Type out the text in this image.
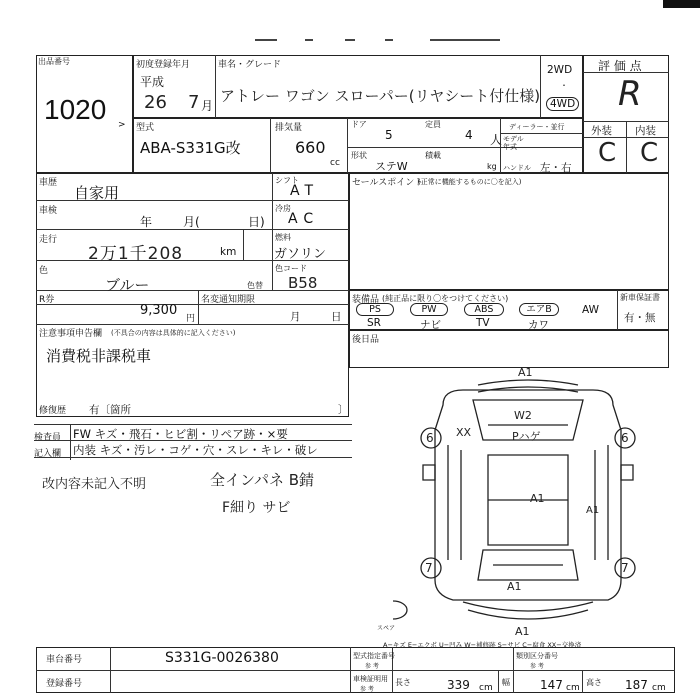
出品番号
1020 >
初度登録年月
平成
26 7 月
車名・グレード
アトレー ワゴン スローパー(リヤシート付仕様)
2WD
・
4WD
型式
ABA-S331G改
排気量
660
cc
ドア
5
定員
4 人
形状
ステW
積載
kg
ディーラー・並行
モデル
年式
ハンドル 左・右
評 価 点
R
外装 内装
C C
車歴
自家用
シフト
AT
車検
年	月(	日)
冷房
AC
走行
2万1千208	km
燃料
ガソリン
色
ブルー	色替
色コード
B58
R券
9,300
円
名変通知期限
月	日
注意事項申告欄 (不具合の内容は具体的に記入ください)
消費税非課税車
修復歴 有〔箇所	〕
セールスポイント
(正常に機能するものに〇を記入)
装備品 (純正品に限り〇をつけてください)	新車保証書
有・無
PS	PW	ABS	エアB	AW
SR	ナビ	TV	カワ
後日品
検査員
記入欄
FW キズ・飛石・ヒビ割・リペア跡・×要
内装 キズ・汚レ・コゲ・穴・スレ・キレ・破レ
改内容未記入不明	全インパネ B錆
F細り サビ
A1
W2
XX	Pハゲ
A1
A1
A1
A1
6	6
7	7
スペア
A−キズ E−エクボ U−凹み W−補修跡 S−サビ C−腐食 XX−交換済
車台番号	S331G-0026380	型式指定番号
参 考
類別区分番号
参 考
登録番号	車検証明用
参 考
長さ	339 cm
幅	147 cm
高さ 187 cm
